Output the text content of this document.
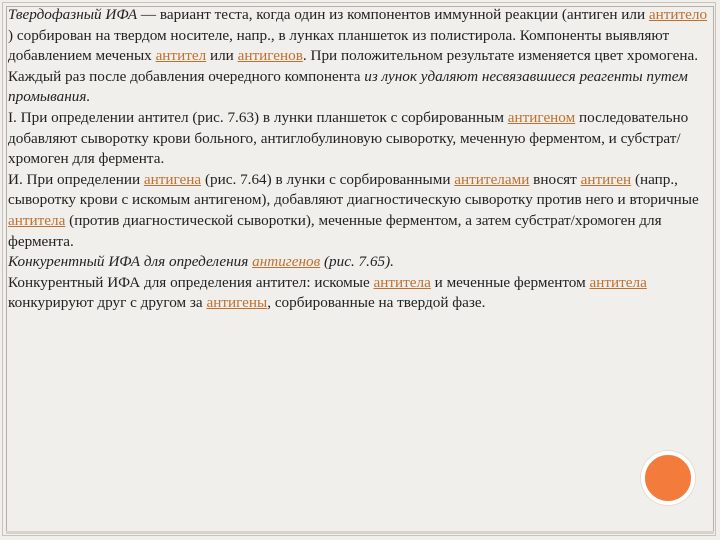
Твердофазный ИФА — вариант теста, когда один из компонентов иммунной реакции (антиген или антитело ) сорбирован на твердом носителе, напр., в лунках планшеток из полистирола. Компоненты выявляют добавлением меченых антител или антигенов. При положительном результате изменяется цвет хромогена. Каждый раз после добавления очередного компонента из лунок удаляют несвязавшиеся реагенты путем промывания.

I. При определении антител (рис. 7.63) в лунки планшеток с сорбированным антигеном последовательно добавляют сыворотку крови больного, антиглобулиновую сыворотку, меченную ферментом, и субстрат/хромоген для фермента.

И. При определении антигена (рис. 7.64) в лунки с сорбированными антителами вносят антиген (напр., сыворотку крови с искомым антигеном), добавляют диагностическую сыворотку против него и вторичные антитела (против диагностической сыворотки), меченные ферментом, а затем субстрат/хромоген для фермента.

Конкурентный ИФА для определения антигенов (рис. 7.65).

Конкурентный ИФА для определения антител: искомые антитела и меченные ферментом антитела конкурируют друг с другом за антигены, сорбированные на твердой фазе.
